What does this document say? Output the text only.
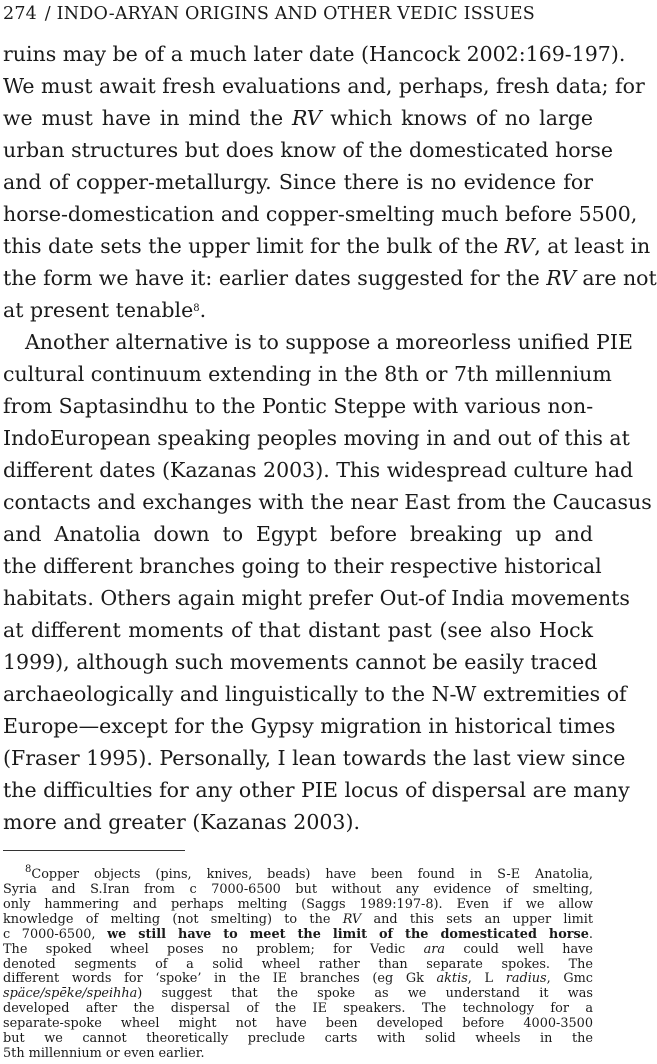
274 / INDO-ARYAN ORIGINS AND OTHER VEDIC ISSUES
ruins may be of a much later date (Hancock 2002:169-197).
We must await fresh evaluations and, perhaps, fresh data; for
we must have in mind the RV which knows of no large
urban structures but does know of the domesticated horse
and of copper-metallurgy. Since there is no evidence for
horse-domestication and copper-smelting much before 5500,
this date sets the upper limit for the bulk of the RV, at least in
the form we have it: earlier dates suggested for the RV are not
at present tenable$^8$.
Another alternative is to suppose a moreorless unified PIE
cultural continuum extending in the 8th or 7th millennium
from Saptasindhu to the Pontic Steppe with various non-
IndoEuropean speaking peoples moving in and out of this at
different dates (Kazanas 2003). This widespread culture had
contacts and exchanges with the near East from the Caucasus
and Anatolia down to Egypt before breaking up and
the different branches going to their respective historical
habitats. Others again might prefer Out-of India movements
at different moments of that distant past (see also Hock
1999), although such movements cannot be easily traced
archaeologically and linguistically to the N-W extremities of
Europe—except for the Gypsy migration in historical times
(Fraser 1995). Personally, I lean towards the last view since
the difficulties for any other PIE locus of dispersal are many
more and greater (Kazanas 2003).
$^8$Copper objects (pins, knives, beads) have been found in S-E Anatolia,
Syria and S.Iran from c 7000-6500 but without any evidence of smelting,
only hammering and perhaps melting (Saggs 1989:197-8). Even if we allow
knowledge of melting (not smelting) to the RV and this sets an upper limit
c 7000-6500, we still have to meet the limit of the domesticated horse.
The spoked wheel poses no problem; for Vedic ara could well have
denoted segments of a solid wheel rather than separate spokes. The
different words for ‘spoke’ in the IE branches (eg Gk aktis, L radius, Gmc
späce/spēke/speihha) suggest that the spoke as we understand it was
developed after the dispersal of the IE speakers. The technology for a
separate-spoke wheel might not have been developed before 4000-3500
but we cannot theoretically preclude carts with solid wheels in the
5th millennium or even earlier.
